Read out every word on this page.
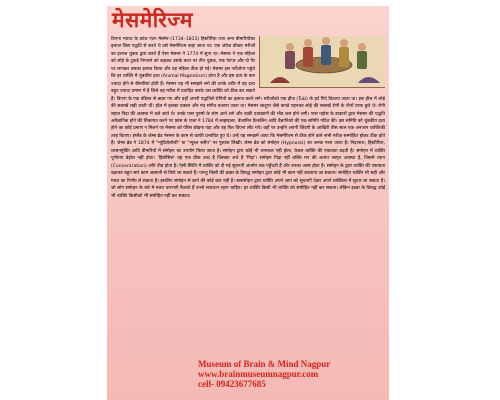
मेसमेरिज्म
विएना भ्यादर के फ्रांज एंटन मेसमेर (1734–1815) हिस्टीरिया तथा अन्य बीमारियोंका इलाज जिस पद्धति से करते थे उसे मेसमेरिज्म कहा जाता था। एक अंग्रेज डॉक्टर मरीजों का इलाज चुंबक द्वारा करते हैं ऐसा मेसमर ने 1774 में सुना था। मेसमर ने एक महिला को लोहे के टुकडे निगलने को कहकर उसके बदन पर तीन चुंबक, एक पेटपर और दो पैर पर लगाकर उसका इलाज किया और वह महिला ठीक हो गई। मेसमर इस नतीजेपर पहुंचे कि हर व्यक्ति में चुंबकीय द्रव्य (Animal Magnetism) होता है और इस द्रव्य के कम ज्यादा होने से बीमारियां होती हैं। मेसमर यह भी समझने लगे की उनके शरीर में यह द्रव्य बहुत ज्यादा प्रमाण में है जिसे वह मरीज में प्रवाहित करके उस व्यक्ति को ठीक कर सकते हैं। विएना के एक बंदिस्त से बाहर गए और वहाँ अपनी पद्धतिसे रोगियों का इलाज करने लगे। मरीजोंको एक हौज (Tub) के इर्द गिर्द बिठाया जाता था। इस हौज में लोहे की सलाखें रखी जाती थीं। हॉल में हलका प्रकाश और मंद संगीत बजाया जाता था। मेसमर जादूगर जैसे कपडे पहनकर लोहे की सलाखें रोगी के तीनों तरफ छुते थे। रोगी सहज निद्रा की अवस्था में चले जाते थे। उनके पास पुरुषों के लोग आने लगे और बाकी दवाखानों की भीड कम होने लगी। पास पड़ोस के डाक्टरों द्वारा मेसमर की पद्धति अवैज्ञानिक होने की शिकायत करने पर फ्रांस के राजा ने 1784 में लव्हाइजर, बेंजामिन फ्रैंकलिन आदि वैज्ञानिकों की एक समिति गठित की। इस समिति को चुंबकीय द्रव्य होने का कोई प्रमाण न मिलने पर मेसमर को पेरिस छोड़ना पड़ा और वह फिर विएना लौट गये। वहाँ पर उन्होंने अपनी जिंदगी के आखिरी तीस साल एक अनजान व्यक्तिकी तरह बिताए। इंग्लैंड के जेम्स ब्रेड मेसमर के काम से काफी प्रभावित हुए थे। उन्हें यह समझमें आया कि मेसमेरिज्म से ठीक होने वाले सभी मरीज सम्मोहित होकर ठीक होते हैं। जेम्स ब्रेड ने 1874 में "न्यूरिप्नोलॉजी" या "न्यूरल स्लीप" पर पुस्तक लिखी। जेम्स ब्रेड को संमोहन (Hypnosis) का जनक माना जाता है। निद्रानाश, हिस्टीरिया, व्यसनमुक्ति आदि बीमारियों में संमोहन का उपयोग किया जाता है। संमोहन द्वारा कोई भी चमत्कार नहीं होता, केवल व्यक्ति की एकाग्रता बढ़ती है। संमोहन में व्यक्ति पूर्णतया बेहोश नहीं होता। 'हिप्नोसिस' यह एक ग्रीक शब्द है जिसका अर्थ है 'निद्रा'। संमोहन निद्रा नहीं बल्कि मन की अत्यंत जागृत अवस्था है, जिसमें ध्यान (Concentration) अति तीव्र होता है। ऐसी स्थिति में व्यक्ति को दी गई सूचनाएँ अंतर्मन तक पहुँचती हैं और उनका असर होता है। संमोहन के द्वारा व्यक्ति की एकाग्रता बढ़ाकर बहुत सारे काम आसानी से किये जा सकते हैं। परन्तु किसी की इच्छा के विरुद्ध संमोहन द्वारा कोई भी काम नहीं करवाया जा सकता। संमोहित व्यक्ति भी सही और गलत का निर्णय ले सकता है। इसलिए संमोहन से डरने की कोई बात नहीं है। स्वसंमोहन द्वारा व्यक्ति अपने आप को सूचनाएँ देकर अपने व्यक्तित्व में सुधार ला सकता है। जो लोग संमोहन के बारे में गलत धारणाएँ फैलाते हैं उनसे सावधान रहना चाहिए। हर व्यक्ति किसी भी व्यक्ति को संमोहित नहीं कर सकता। लेकिन इच्छा के विरुद्ध कोई भी व्यक्ति किसीको भी संमोहित नहीं कर सकता।
Museum of Brain & Mind Nagpur
www.brainmuseumnagpur.com
cell- 09423677685
